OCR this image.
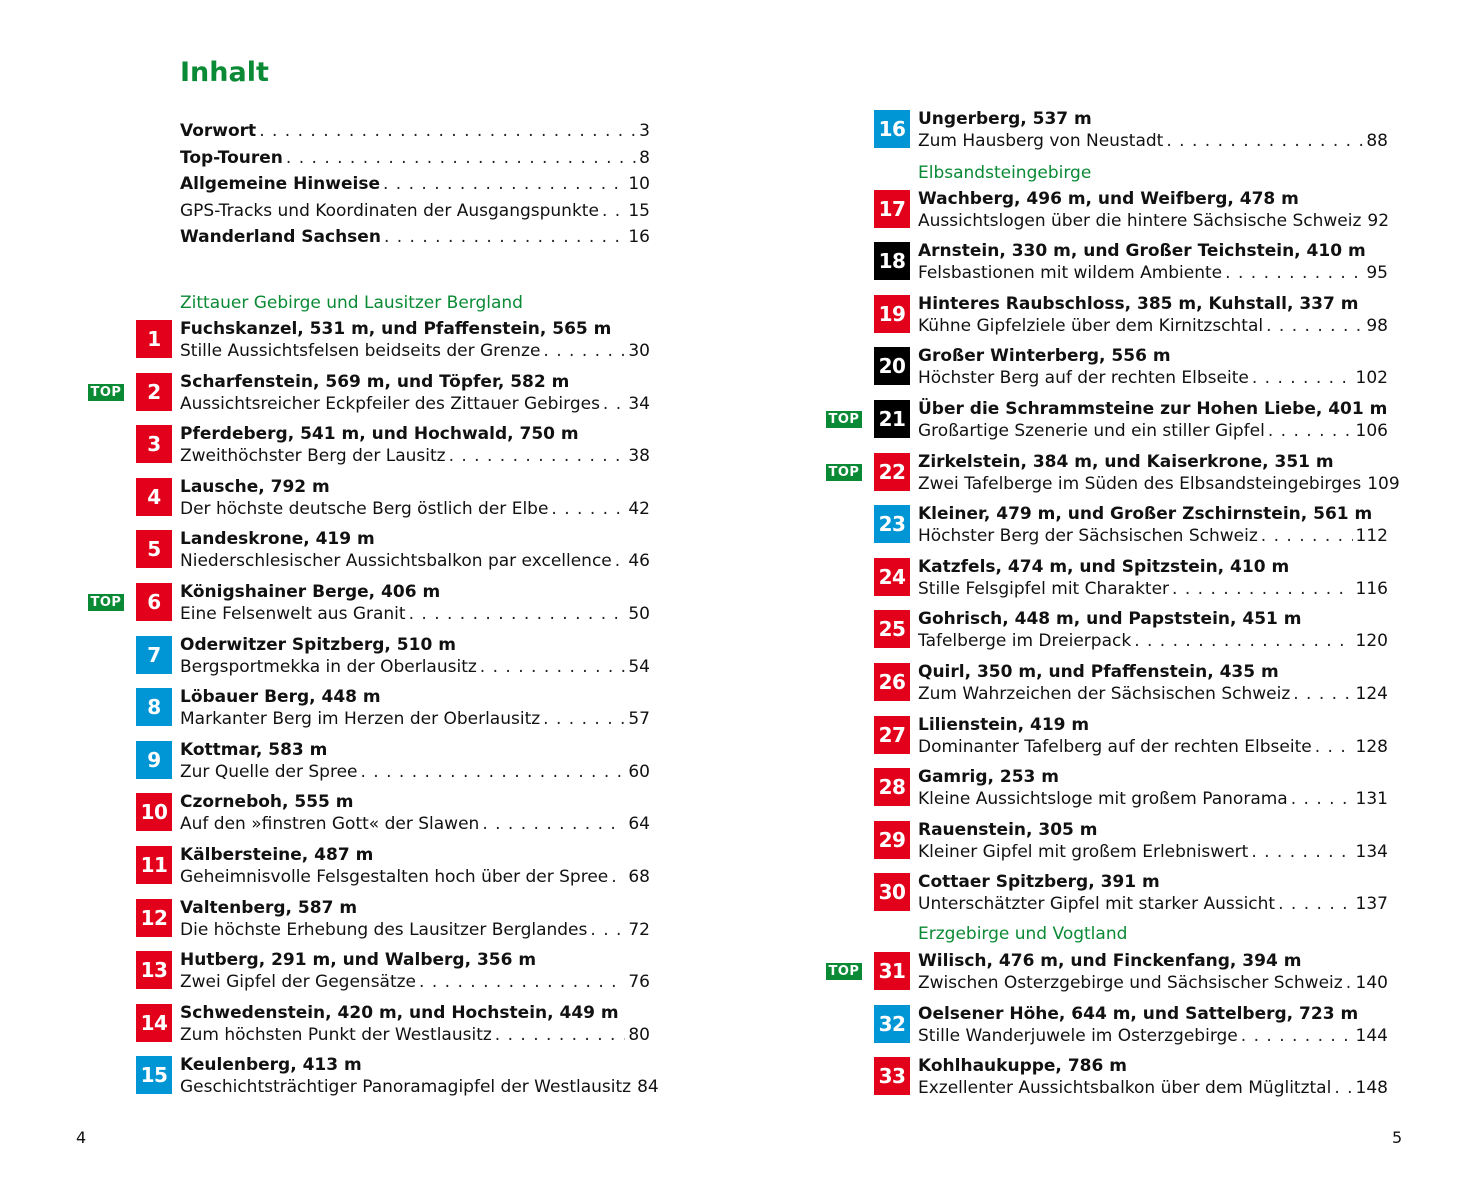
Inhalt
Vorwort . . .	3
Top-Touren . . .	8
Allgemeine Hinweise . . .	10
GPS-Tracks und Koordinaten der Ausgangspunkte . . . 15
Wanderland Sachsen . . .	16
Zittauer Gebirge und Lausitzer Bergland
1	Fuchskanzel, 531 m, und Pfaffenstein, 565 m
Stille Aussichtsfelsen beidseits der Grenze . . .	30
2	Scharfenstein, 569 m, und Töpfer, 582 m
Aussichtsreicher Eckpfeiler des Zittauer Gebirges . . . 34
TOP
3	Pferdeberg, 541 m, und Hochwald, 750 m
Zweithöchster Berg der Lausitz . . .	38
4	Lausche, 792 m
Der höchste deutsche Berg östlich der Elbe . . .	42
5	Landeskrone, 419 m
Niederschlesischer Aussichtsbalkon par excellence . . . 46
6	Königshainer Berge, 406 m
Eine Felsenwelt aus Granit . . .	50
TOP
7	Oderwitzer Spitzberg, 510 m
Bergsportmekka in der Oberlausitz . . .	54
8	Löbauer Berg, 448 m
Markanter Berg im Herzen der Oberlausitz . . .	57
9	Kottmar, 583 m
Zur Quelle der Spree . . .	60
10 Czorneboh, 555 m
Auf den »finstren Gott« der Slawen . . .	64
11 Kälbersteine, 487 m
Geheimnisvolle Felsgestalten hoch über der Spree . . . 68
12 Valtenberg, 587 m
Die höchste Erhebung des Lausitzer Berglandes . . . 72
13 Hutberg, 291 m, und Walberg, 356 m
Zwei Gipfel der Gegensätze . . .	76
14 Schwedenstein, 420 m, und Hochstein, 449 m
Zum höchsten Punkt der Westlausitz . . .	80
15 Keulenberg, 413 m
Geschichtsträchtiger Panoramagipfel der Westlausitz 84
4
Elbsandsteingebirge
Erzgebirge und Vogtland
16 Ungerberg, 537 m
Zum Hausberg von Neustadt . . .	88
17 Wachberg, 496 m, und Weifberg, 478 m
Aussichtslogen über die hintere Sächsische Schweiz 92
18 Arnstein, 330 m, und Großer Teichstein, 410 m
Felsbastionen mit wildem Ambiente . . .	95
19 Hinteres Raubschloss, 385 m, Kuhstall, 337 m
Kühne Gipfelziele über dem Kirnitzschtal . . .	98
20 Großer Winterberg, 556 m
Höchster Berg auf der rechten Elbseite . . .	102
21 Über die Schrammsteine zur Hohen Liebe, 401 m
Großartige Szenerie und ein stiller Gipfel . . .	106
TOP
22 Zirkelstein, 384 m, und Kaiserkrone, 351 m
Zwei Tafelberge im Süden des Elbsandsteingebirges 109
TOP
23 Kleiner, 479 m, und Großer Zschirnstein, 561 m
Höchster Berg der Sächsischen Schweiz . . .	112
24 Katzfels, 474 m, und Spitzstein, 410 m
Stille Felsgipfel mit Charakter . . .	116
25 Gohrisch, 448 m, und Papststein, 451 m
Tafelberge im Dreierpack . . .	120
26 Quirl, 350 m, und Pfaffenstein, 435 m
Zum Wahrzeichen der Sächsischen Schweiz . . .	124
27 Lilienstein, 419 m
Dominanter Tafelberg auf der rechten Elbseite . . .	128
28 Gamrig, 253 m
Kleine Aussichtsloge mit großem Panorama . . .	131
29 Rauenstein, 305 m
Kleiner Gipfel mit großem Erlebniswert . . .	134
30 Cottaer Spitzberg, 391 m
Unterschätzter Gipfel mit starker Aussicht . . .	137
31 Wilisch, 476 m, und Finckenfang, 394 m
Zwischen Osterzgebirge und Sächsischer Schweiz . . . 140
TOP
32 Oelsener Höhe, 644 m, und Sattelberg, 723 m
Stille Wanderjuwele im Osterzgebirge . . .	144
33 Kohlhaukuppe, 786 m
Exzellenter Aussichtsbalkon über dem Müglitztal . . . 148
5
